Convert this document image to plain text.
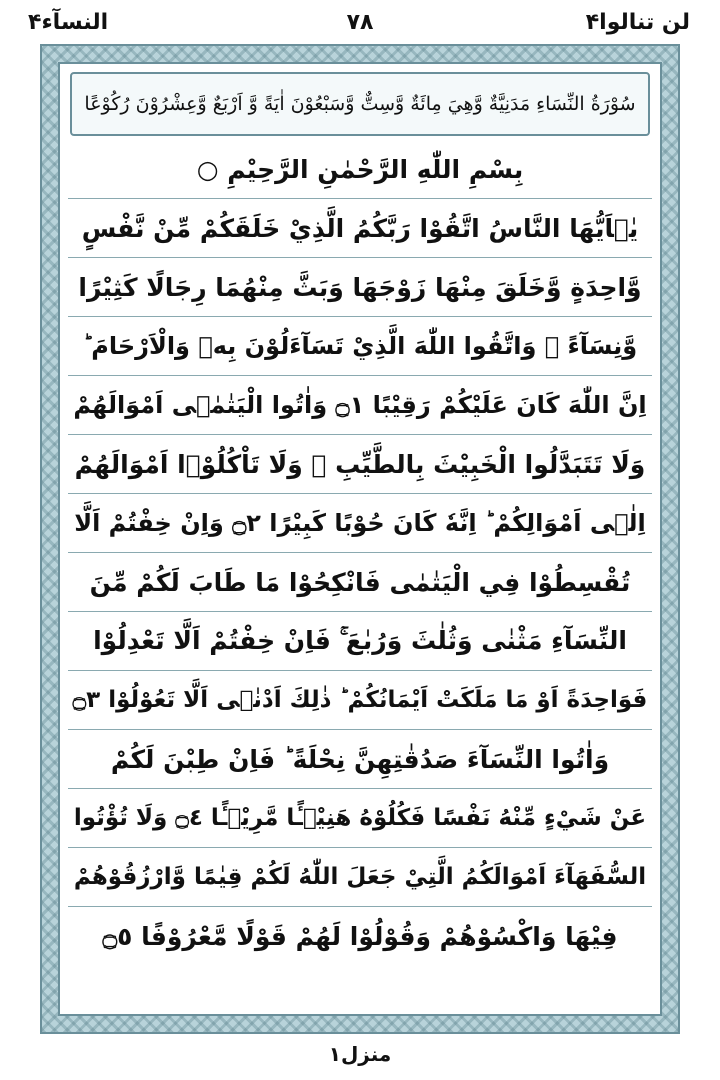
النسآء۴	۷۸	لن تنالوا۴
سُوْرَةُ النِّسَاءِ مَدَنِيَّةٌ وَّهِيَ مِائَةٌ وَّسِتٌّ وَّسَبْعُوْنَ اٰيَةً وَّ اَرْبَعٌ وَّعِشْرُوْنَ رُكُوْعًا
بِسْمِ اللّٰهِ الرَّحْمٰنِ الرَّحِيْمِ ○
يٰۤاَيُّهَا النَّاسُ اتَّقُوْا رَبَّكُمُ الَّذِيْ خَلَقَكُمْ مِّنْ نَّفْسٍ
وَّاحِدَةٍ وَّخَلَقَ مِنْهَا زَوْجَهَا وَبَثَّ مِنْهُمَا رِجَالًا كَثِيْرًا
وَّنِسَآءً ۚ وَاتَّقُوا اللّٰهَ الَّذِيْ تَسَآءَلُوْنَ بِهٖ وَالْاَرْحَامَ ؕ
اِنَّ اللّٰهَ كَانَ عَلَيْكُمْ رَقِيْبًا ۝١ وَاٰتُوا الْيَتٰمٰۤى اَمْوَالَهُمْ
وَلَا تَتَبَدَّلُوا الْخَبِيْثَ بِالطَّيِّبِ ۪ وَلَا تَاْكُلُوْۤا اَمْوَالَهُمْ
اِلٰۤى اَمْوَالِكُمْ ؕ اِنَّهٗ كَانَ حُوْبًا كَبِيْرًا ۝٢ وَاِنْ خِفْتُمْ اَلَّا
تُقْسِطُوْا فِي الْيَتٰمٰى فَانْكِحُوْا مَا طَابَ لَكُمْ مِّنَ
النِّسَآءِ مَثْنٰى وَثُلٰثَ وَرُبٰعَ ۚ فَاِنْ خِفْتُمْ اَلَّا تَعْدِلُوْا
فَوَاحِدَةً اَوْ مَا مَلَكَتْ اَيْمَانُكُمْ ؕ ذٰلِكَ اَدْنٰۤى اَلَّا تَعُوْلُوْا ۝٣
وَاٰتُوا النِّسَآءَ صَدُقٰتِهِنَّ نِحْلَةً ؕ فَاِنْ طِبْنَ لَكُمْ
عَنْ شَيْءٍ مِّنْهُ نَفْسًا فَكُلُوْهُ هَنِيْۤـًٔا مَّرِيْۤـًٔا ۝٤ وَلَا تُؤْتُوا
السُّفَهَآءَ اَمْوَالَكُمُ الَّتِيْ جَعَلَ اللّٰهُ لَكُمْ قِيٰمًا وَّارْزُقُوْهُمْ
فِيْهَا وَاكْسُوْهُمْ وَقُوْلُوْا لَهُمْ قَوْلًا مَّعْرُوْفًا ۝٥
منزل۱
